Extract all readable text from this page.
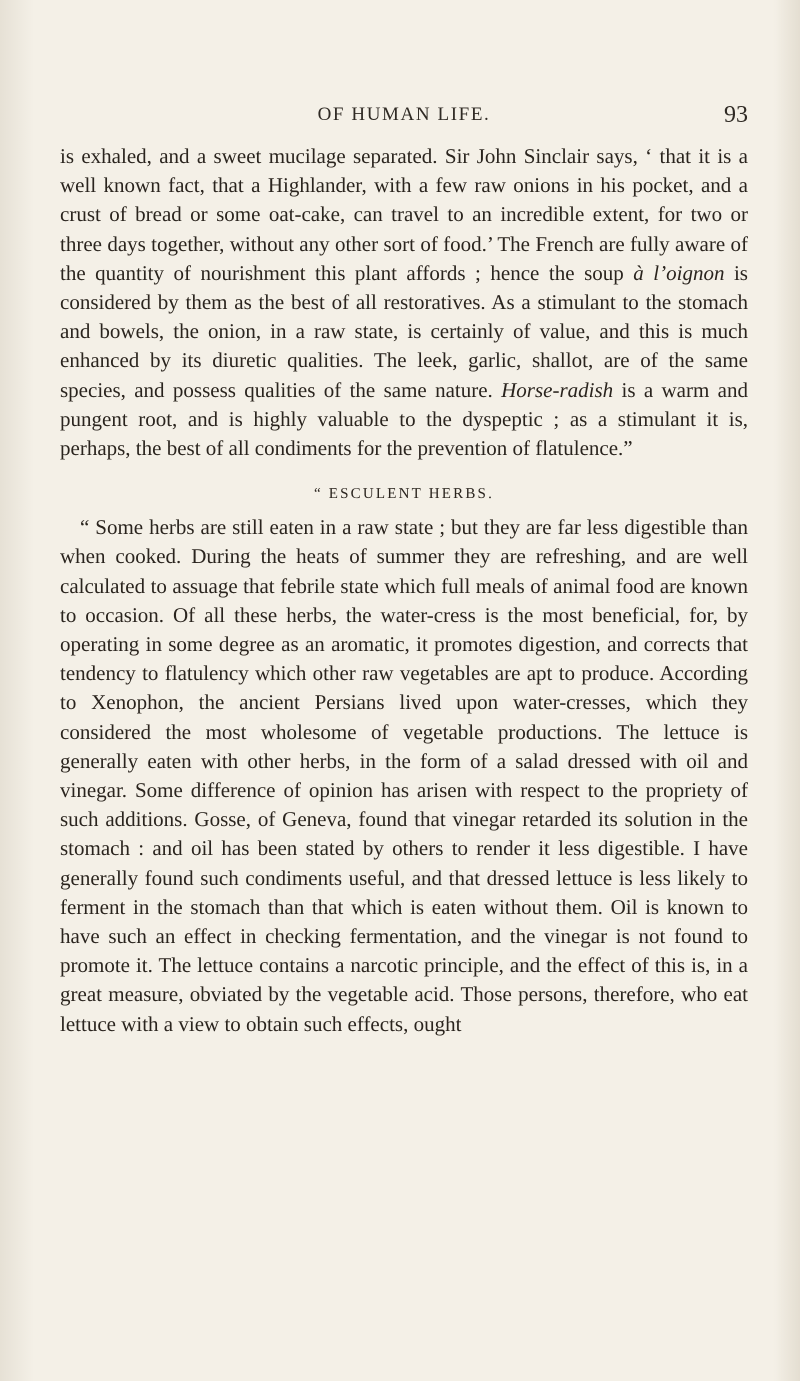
OF HUMAN LIFE.	93

is exhaled, and a sweet mucilage separated. Sir John Sinclair says, ‘ that it is a well known fact, that a Highlander, with a few raw onions in his pocket, and a crust of bread or some oat-cake, can travel to an incredible extent, for two or three days together, without any other sort of food.’ The French are fully aware of the quantity of nourishment this plant affords ; hence the soup à l’oignon is considered by them as the best of all restoratives. As a stimulant to the stomach and bowels, the onion, in a raw state, is certainly of value, and this is much enhanced by its diuretic qualities. The leek, garlic, shallot, are of the same species, and possess qualities of the same nature. Horse-radish is a warm and pungent root, and is highly valuable to the dyspeptic ; as a stimulant it is, perhaps, the best of all condiments for the prevention of flatulence.”

“ ESCULENT HERBS.

“ Some herbs are still eaten in a raw state ; but they are far less digestible than when cooked. During the heats of summer they are refreshing, and are well calculated to assuage that febrile state which full meals of animal food are known to occasion. Of all these herbs, the water-cress is the most beneficial, for, by operating in some degree as an aromatic, it promotes digestion, and corrects that tendency to flatulency which other raw vegetables are apt to produce. According to Xenophon, the ancient Persians lived upon water-cresses, which they considered the most wholesome of vegetable productions. The lettuce is generally eaten with other herbs, in the form of a salad dressed with oil and vinegar. Some difference of opinion has arisen with respect to the propriety of such additions. Gosse, of Geneva, found that vinegar retarded its solution in the stomach : and oil has been stated by others to render it less digestible. I have generally found such condiments useful, and that dressed lettuce is less likely to ferment in the stomach than that which is eaten without them. Oil is known to have such an effect in checking fermentation, and the vinegar is not found to promote it. The lettuce contains a narcotic principle, and the effect of this is, in a great measure, obviated by the vegetable acid. Those persons, therefore, who eat lettuce with a view to obtain such effects, ought
